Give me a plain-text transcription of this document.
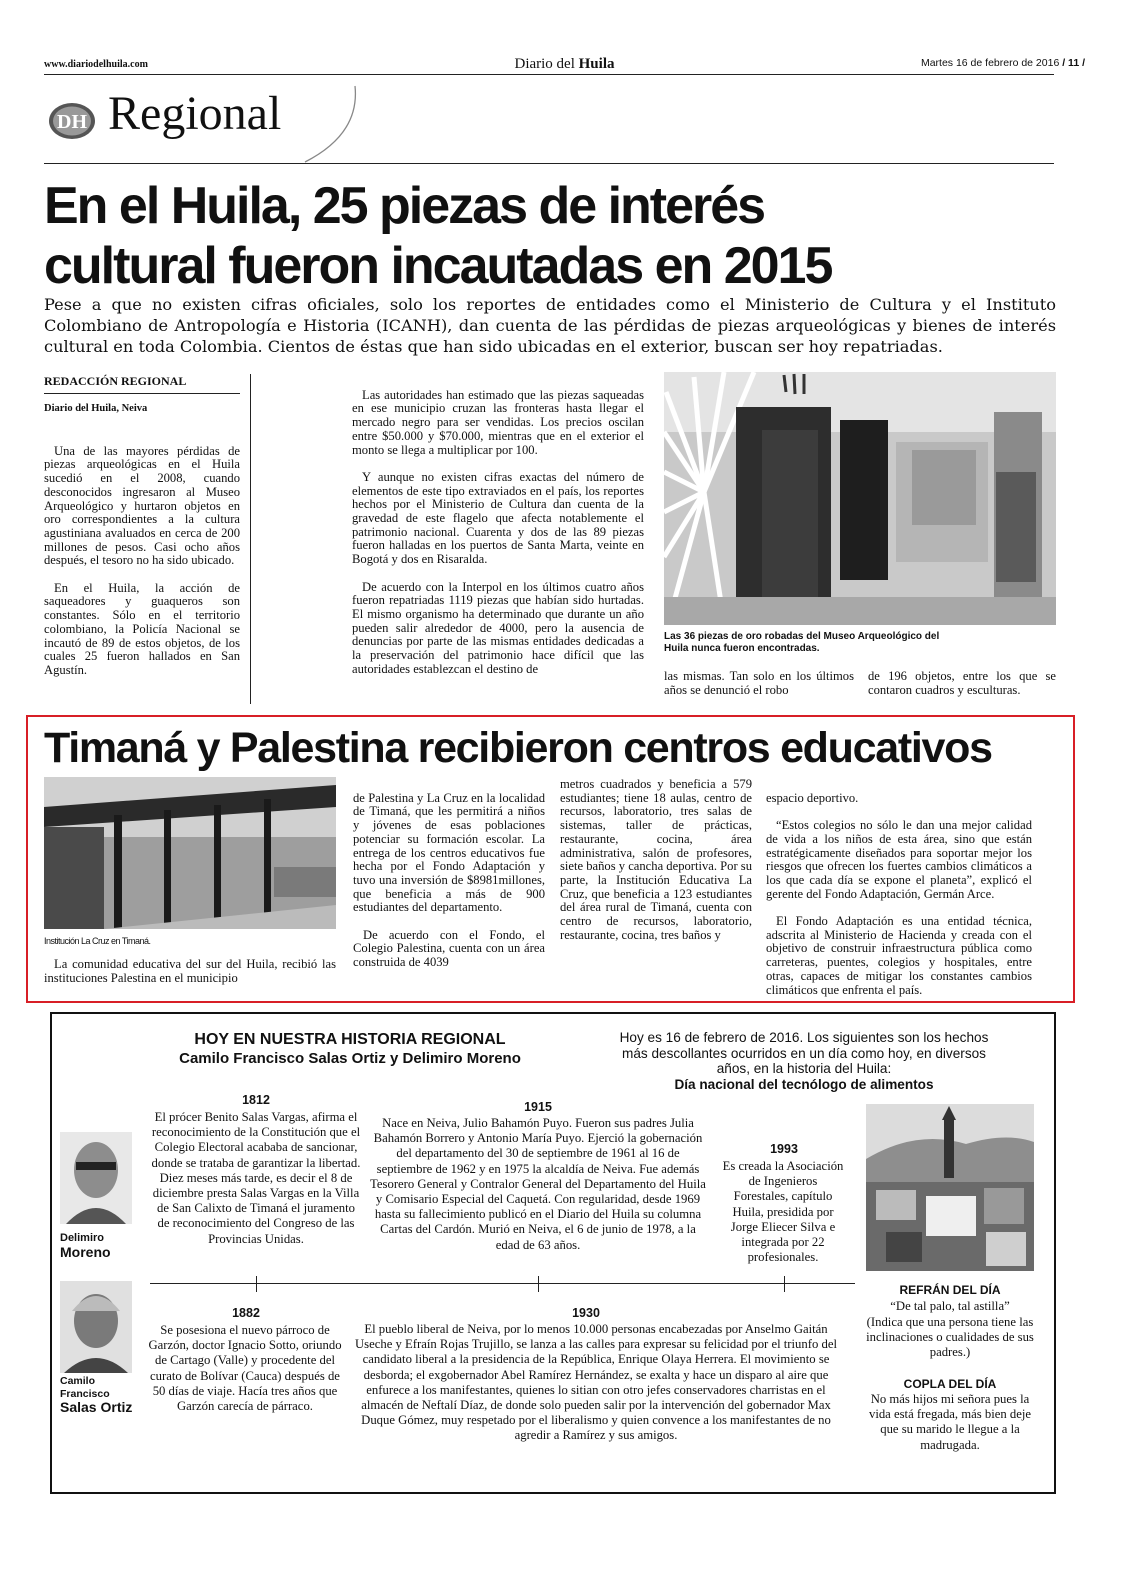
www.diariodelhuila.com	Diario del Huila	Martes 16 de febrero de 2016 / 11 /
DH Regional
En el Huila, 25 piezas de interés
cultural fueron incautadas en 2015
Pese a que no existen cifras oficiales, solo los reportes de entidades como el Ministerio de Cultura y el Instituto Colombiano de Antropología e Historia (ICANH), dan cuenta de las pérdidas de piezas arqueológicas y bienes de interés cultural en toda Colombia. Cientos de éstas que han sido ubicadas en el exterior, buscan ser hoy repatriadas.
REDACCIÓN REGIONAL
Diario del Huila, Neiva

Una de las mayores pérdidas de piezas arqueológicas en el Huila sucedió en el 2008, cuando desconocidos ingresaron al Museo Arqueológico y hurtaron objetos en oro correspondientes a la cultura agustiniana avaluados en cerca de 200 millones de pesos. Casi ocho años después, el tesoro no ha sido ubicado.

En el Huila, la acción de saqueadores y guaqueros son constantes. Sólo en el territorio colombiano, la Policía Nacional se incautó de 89 de estos objetos, de los cuales 25 fueron hallados en San Agustín.

Las autoridades han estimado que las piezas saqueadas en ese municipio cruzan las fronteras hasta llegar el mercado negro para ser vendidas. Los precios oscilan entre $50.000 y $70.000, mientras que en el exterior el monto se llega a multiplicar por 100.

Y aunque no existen cifras exactas del número de elementos de este tipo extraviados en el país, los reportes hechos por el Ministerio de Cultura dan cuenta de la gravedad de este flagelo que afecta notablemente el patrimonio nacional. Cuarenta y dos de las 89 piezas fueron halladas en los puertos de Santa Marta, veinte en Bogotá y dos en Risaralda.

De acuerdo con la Interpol en los últimos cuatro años fueron repatriadas 1119 piezas que habían sido hurtadas. El mismo organismo ha determinado que durante un año pueden salir alrededor de 4000, pero la ausencia de denuncias por parte de las mismas entidades dedicadas a la preservación del patrimonio hace difícil que las autoridades establezcan el destino de

Las 36 piezas de oro robadas del Museo Arqueológico del Huila nunca fueron encontradas.

las mismas. Tan solo en los últimos años se denunció el robo

de 196 objetos, entre los que se contaron cuadros y esculturas.

Timaná y Palestina recibieron centros educativos
Institución La Cruz en Timaná.

La comunidad educativa del sur del Huila, recibió las instituciones Palestina en el municipio

de Palestina y La Cruz en la localidad de Timaná, que les permitirá a niños y jóvenes de esas poblaciones potenciar su formación escolar. La entrega de los centros educativos fue hecha por el Fondo Adaptación y tuvo una inversión de $8981millones, que beneficia a más de 900 estudiantes del departamento.

De acuerdo con el Fondo, el Colegio Palestina, cuenta con un área construida de 4039

metros cuadrados y beneficia a 579 estudiantes; tiene 18 aulas, centro de recursos, laboratorio, tres salas de sistemas, taller de prácticas, restaurante, cocina, área administrativa, salón de profesores, siete baños y cancha deportiva. Por su parte, la Institución Educativa La Cruz, que beneficia a 123 estudiantes del área rural de Timaná, cuenta con centro de recursos, laboratorio, restaurante, cocina, tres baños y

espacio deportivo.

“Estos colegios no sólo le dan una mejor calidad de vida a los niños de esta área, sino que están estratégicamente diseñados para soportar mejor los riesgos que ofrecen los fuertes cambios climáticos a los que cada día se expone el planeta”, explicó el gerente del Fondo Adaptación, Germán Arce.

El Fondo Adaptación es una entidad técnica, adscrita al Ministerio de Hacienda y creada con el objetivo de construir infraestructura pública como carreteras, puentes, colegios y hospitales, entre otras, capaces de mitigar los constantes cambios climáticos que enfrenta el país.

HOY EN NUESTRA HISTORIA REGIONAL
Camilo Francisco Salas Ortiz y Delimiro Moreno
Hoy es 16 de febrero de 2016. Los siguientes son los hechos más descollantes ocurridos en un día como hoy, en diversos años, en la historia del Huila:
Día nacional del tecnólogo de alimentos
Delimiro
Moreno
Camilo Francisco
Salas Ortiz
1812
El prócer Benito Salas Vargas, afirma el reconocimiento de la Constitución que el Colegio Electoral acababa de sancionar, donde se trataba de garantizar la libertad. Diez meses más tarde, es decir el 8 de diciembre presta Salas Vargas en la Villa de San Calixto de Timaná el juramento de reconocimiento del Congreso de las Provincias Unidas.
1915
Nace en Neiva, Julio Bahamón Puyo. Fueron sus padres Julia Bahamón Borrero y Antonio María Puyo. Ejerció la gobernación del departamento del 30 de septiembre de 1961 al 16 de septiembre de 1962 y en 1975 la alcaldía de Neiva. Fue además Tesorero General y Contralor General del Departamento del Huila y Comisario Especial del Caquetá. Con regularidad, desde 1969 hasta su fallecimiento publicó en el Diario del Huila su columna Cartas del Cardón. Murió en Neiva, el 6 de junio de 1978, a la edad de 63 años.
1993
Es creada la Asociación de Ingenieros Forestales, capítulo Huila, presidida por Jorge Eliecer Silva e integrada por 22 profesionales.
1882
Se posesiona el nuevo párroco de Garzón, doctor Ignacio Sotto, oriundo de Cartago (Valle) y procedente del curato de Bolívar (Cauca) después de 50 días de viaje. Hacía tres años que Garzón carecía de párraco.
1930
El pueblo liberal de Neiva, por lo menos 10.000 personas encabezadas por Anselmo Gaitán Useche y Efraín Rojas Trujillo, se lanza a las calles para expresar su felicidad por el triunfo del candidato liberal a la presidencia de la República, Enrique Olaya Herrera. El movimiento se desborda; el exgobernador Abel Ramírez Hernández, se exalta y hace un disparo al aire que enfurece a los manifestantes, quienes lo sitian con otro jefes conservadores charristas en el almacén de Neftalí Díaz, de donde solo pueden salir por la intervención del gobernador Max Duque Gómez, muy respetado por el liberalismo y quien convence a los manifestantes de no agredir a Ramírez y sus amigos.
REFRÁN DEL DÍA
“De tal palo, tal astilla”
(Indica que una persona tiene las inclinaciones o cualidades de sus padres.)
COPLA DEL DÍA
No más hijos mi señora pues la vida está fregada, más bien deje que su marido le llegue a la madrugada.
